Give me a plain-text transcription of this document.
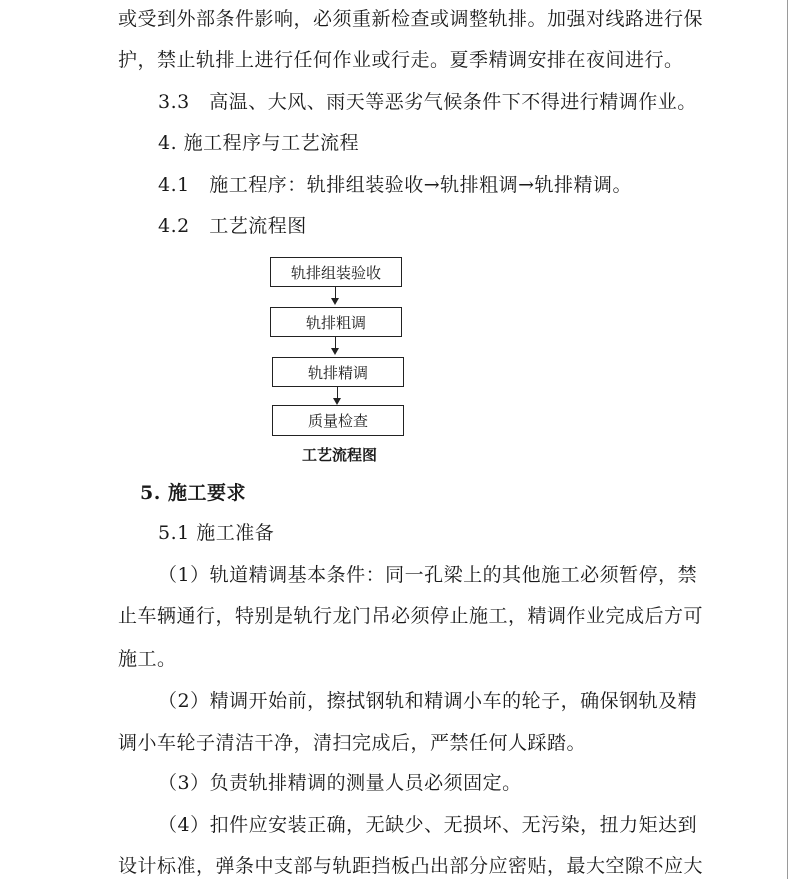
或受到外部条件影响，必须重新检查或调整轨排。加强对线路进行保
护，禁止轨排上进行任何作业或行走。夏季精调安排在夜间进行。
3.3　高温、大风、雨天等恶劣气候条件下不得进行精调作业。
4. 施工程序与工艺流程
4.1　施工程序：轨排组装验收→轨排粗调→轨排精调。
4.2　工艺流程图
轨排组装验收
轨排粗调
轨排精调
质量检查
工艺流程图
5. 施工要求
5.1 施工准备
（1）轨道精调基本条件：同一孔梁上的其他施工必须暂停，禁
止车辆通行，特别是轨行龙门吊必须停止施工，精调作业完成后方可
施工。
（2）精调开始前，擦拭钢轨和精调小车的轮子，确保钢轨及精
调小车轮子清洁干净，清扫完成后，严禁任何人踩踏。
（3）负责轨排精调的测量人员必须固定。
（4）扣件应安装正确，无缺少、无损坏、无污染，扭力矩达到
设计标准，弹条中支部与轨距挡板凸出部分应密贴，最大空隙不应大
